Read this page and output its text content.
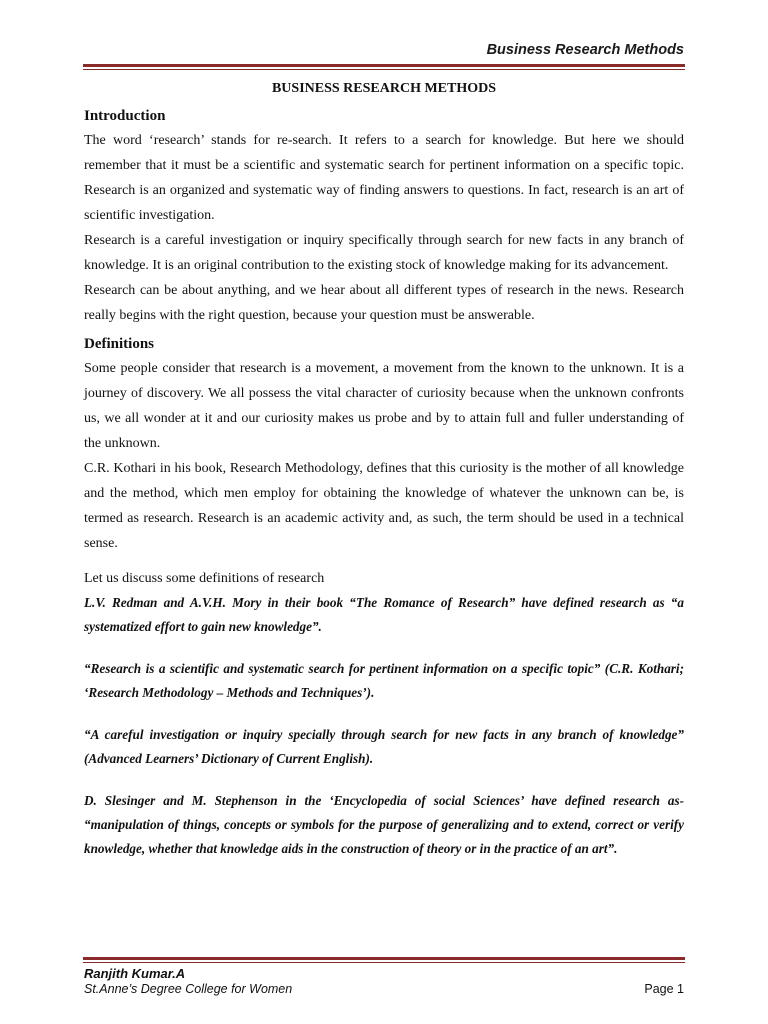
Business Research Methods

BUSINESS RESEARCH METHODS

Introduction

The word ‘research’ stands for re-search. It refers to a search for knowledge. But here we should remember that it must be a scientific and systematic search for pertinent information on a specific topic. Research is an organized and systematic way of finding answers to questions. In fact, research is an art of scientific investigation.

Research is a careful investigation or inquiry specifically through search for new facts in any branch of knowledge. It is an original contribution to the existing stock of knowledge making for its advancement.

Research can be about anything, and we hear about all different types of research in the news. Research really begins with the right question, because your question must be answerable.

Definitions

Some people consider that research is a movement, a movement from the known to the unknown. It is a journey of discovery. We all possess the vital character of curiosity because when the unknown confronts us, we all wonder at it and our curiosity makes us probe and by to attain full and fuller understanding of the unknown.

C.R. Kothari in his book, Research Methodology, defines that this curiosity is the mother of all knowledge and the method, which men employ for obtaining the knowledge of whatever the unknown can be, is termed as research. Research is an academic activity and, as such, the term should be used in a technical sense.

Let us discuss some definitions of research

L.V. Redman and A.V.H. Mory in their book “The Romance of Research” have defined research as “a systematized effort to gain new knowledge”.

“Research is a scientific and systematic search for pertinent information on a specific topic” (C.R. Kothari; ‘Research Methodology – Methods and Techniques’).

“A careful investigation or inquiry specially through search for new facts in any branch of knowledge” (Advanced Learners’ Dictionary of Current English).

D. Slesinger and M. Stephenson in the ‘Encyclopedia of social Sciences’ have defined research as- “manipulation of things, concepts or symbols for the purpose of generalizing and to extend, correct or verify knowledge, whether that knowledge aids in the construction of theory or in the practice of an art”.

Ranjith Kumar.A
St.Anne’s Degree College for Women	Page 1
